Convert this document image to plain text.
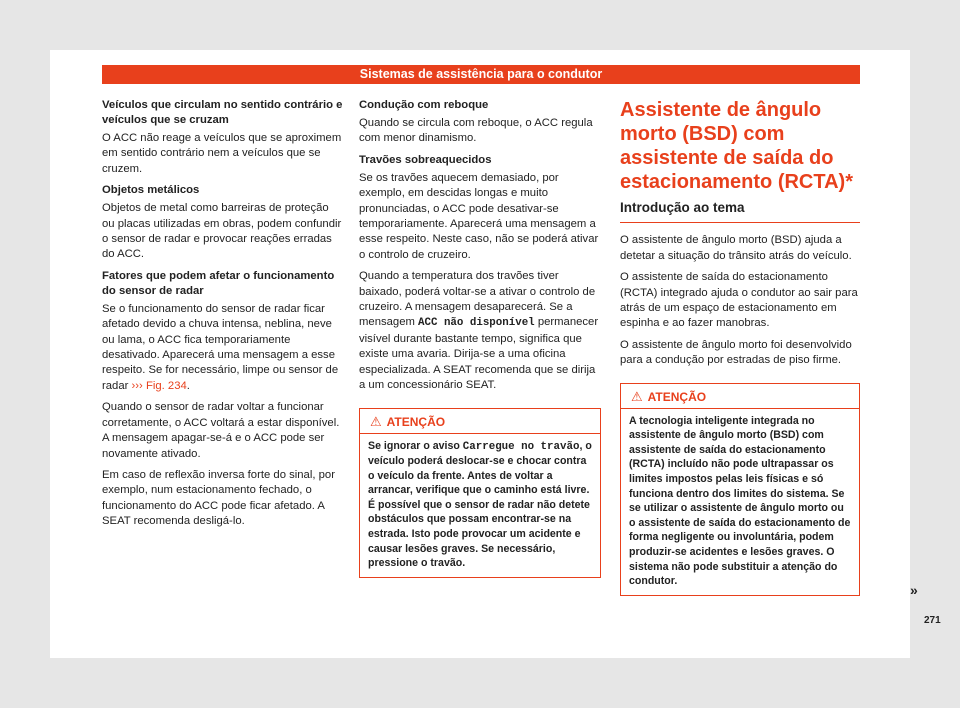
Sistemas de assistência para o condutor
Veículos que circulam no sentido contrário e veículos que se cruzam

O ACC não reage a veículos que se aproximem em sentido contrário nem a veículos que se cruzem.

Objetos metálicos

Objetos de metal como barreiras de proteção ou placas utilizadas em obras, podem confundir o sensor de radar e provocar reações erradas do ACC.

Fatores que podem afetar o funcionamento do sensor de radar

Se o funcionamento do sensor de radar ficar afetado devido a chuva intensa, neblina, neve ou lama, o ACC fica temporariamente desativado. Aparecerá uma mensagem a esse respeito. Se for necessário, limpe ou sensor de radar ››› Fig. 234.

Quando o sensor de radar voltar a funcionar corretamente, o ACC voltará a estar disponível. A mensagem apagar-se-á e o ACC pode ser novamente ativado.

Em caso de reflexão inversa forte do sinal, por exemplo, num estacionamento fechado, o funcionamento do ACC pode ficar afetado. A SEAT recomenda desligá-lo.

Condução com reboque

Quando se circula com reboque, o ACC regula com menor dinamismo.

Travões sobreaquecidos

Se os travões aquecem demasiado, por exemplo, em descidas longas e muito pronunciadas, o ACC pode desativar-se temporariamente. Aparecerá uma mensagem a esse respeito. Neste caso, não se poderá ativar o controlo de cruzeiro.

Quando a temperatura dos travões tiver baixado, poderá voltar-se a ativar o controlo de cruzeiro. A mensagem desaparecerá. Se a mensagem ACC não disponível permanecer visível durante bastante tempo, significa que existe uma avaria. Dirija-se a uma oficina especializada. A SEAT recomenda que se dirija a um concessionário SEAT.

⚠ ATENÇÃO
Se ignorar o aviso Carregue no travão, o veículo poderá deslocar-se e chocar contra o veículo da frente. Antes de voltar a arrancar, verifique que o caminho está livre. É possível que o sensor de radar não detete obstáculos que possam encontrar-se na estrada. Isto pode provocar um acidente e causar lesões graves. Se necessário, pressione o travão.
Assistente de ângulo morto (BSD) com assistente de saída do estacionamento (RCTA)*
Introdução ao tema

O assistente de ângulo morto (BSD) ajuda a detetar a situação do trânsito atrás do veículo.

O assistente de saída do estacionamento (RCTA) integrado ajuda o condutor ao sair para atrás de um espaço de estacionamento em espinha e ao fazer manobras.

O assistente de ângulo morto foi desenvolvido para a condução por estradas de piso firme.

⚠ ATENÇÃO
A tecnologia inteligente integrada no assistente de ângulo morto (BSD) com assistente de saída do estacionamento (RCTA) incluído não pode ultrapassar os limites impostos pelas leis físicas e só funciona dentro dos limites do sistema. Se se utilizar o assistente de ângulo morto ou o assistente de saída do estacionamento de forma negligente ou involuntária, podem produzir-se acidentes e lesões graves. O sistema não pode substituir a atenção do condutor.
»
271
